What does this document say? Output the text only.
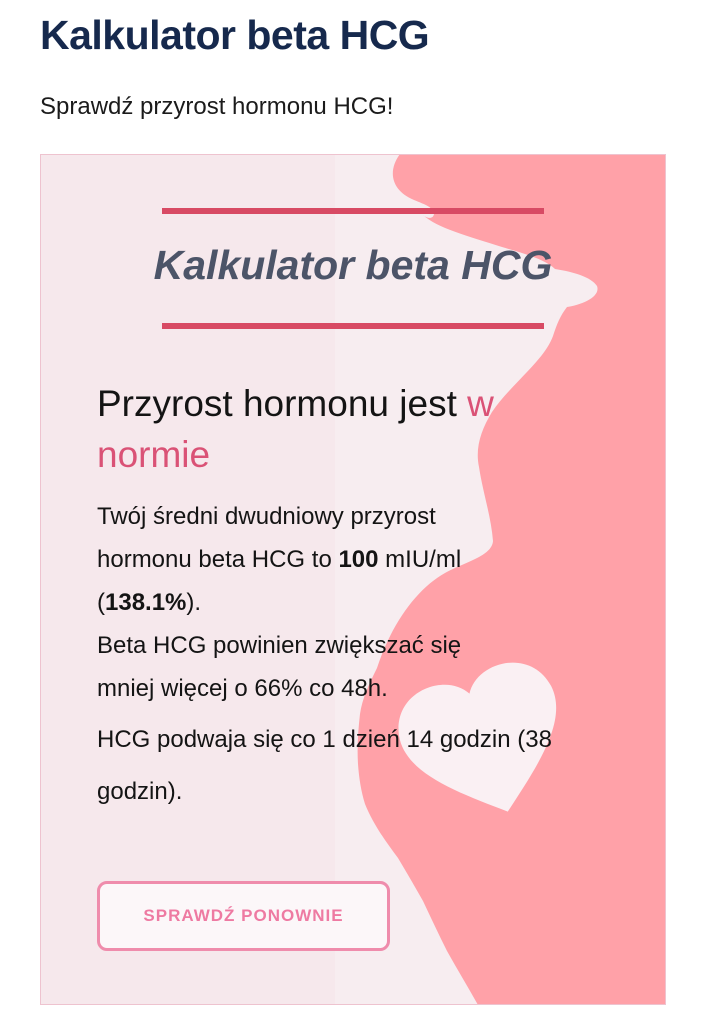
Kalkulator beta HCG

Sprawdź przyrost hormonu HCG!

Kalkulator beta HCG
Przyrost hormonu jest w normie

Twój średni dwudniowy przyrost hormonu beta HCG to 100 mIU/ml (138.1%).
Beta HCG powinien zwiększać się mniej więcej o 66% co 48h.

HCG podwaja się co 1 dzień 14 godzin (38 godzin).

SPRAWDŹ PONOWNIE
